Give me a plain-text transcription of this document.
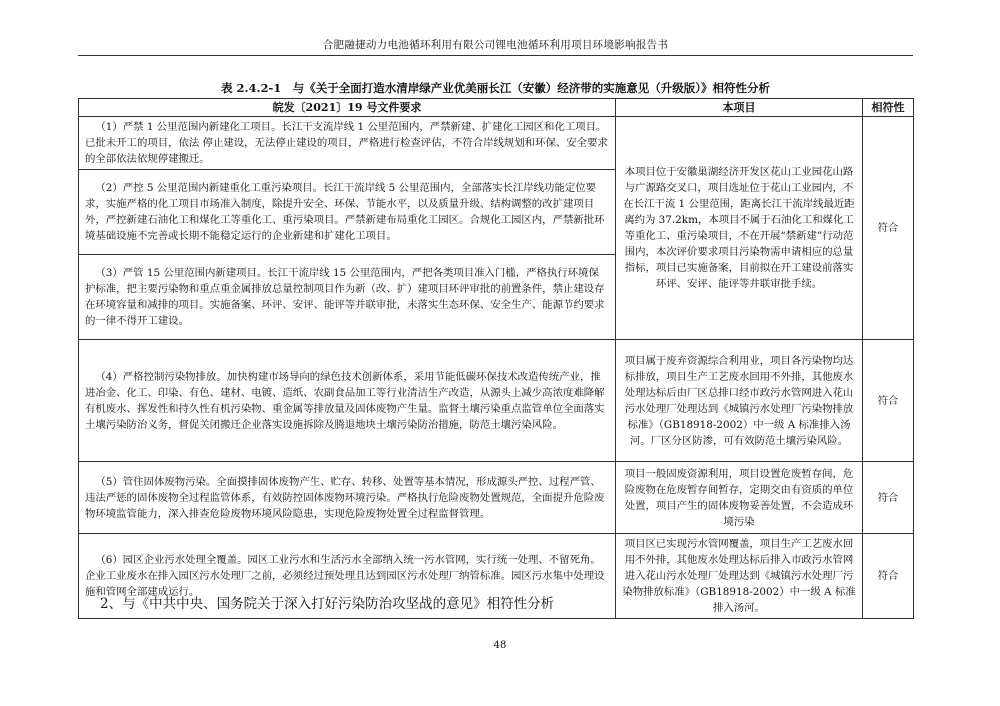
合肥融捷动力电池循环利用有限公司锂电池循环利用项目环境影响报告书
表 2.4.2-1　与《关于全面打造水清岸绿产业优美丽长江（安徽）经济带的实施意见（升级版）》相符性分析
皖发〔2021〕19 号文件要求	本项目	相符性
（1）严禁 1 公里范围内新建化工项目。长江干支流岸线 1 公里范围内，严禁新建、扩建化工园区和化工项目。已批未开工的项目，依法 停止建设，无法停止建设的项目，严格进行检查评估，不符合岸线规划和环保、安全要求的全部依法依规停建搬迁。	本项目位于安徽巢湖经济开发区花山工业园花山路与广源路交叉口，项目选址位于花山工业园内，不在长江干流 1 公里范围，距离长江干流岸线最近距离约为 37.2km，本项目不属于石油化工和煤化工等重化工、重污染项目，不在开展“禁新建”行动范围内，本次评价要求项目污染物需申请相应的总量指标，项目已实施备案，目前拟在开工建设前落实环评、安评、能评等并联审批手续。	符合
（2）严控 5 公里范围内新建重化工重污染项目。长江干流岸线 5 公里范围内，全部落实长江岸线功能定位要求，实施严格的化工项目市场准入制度，除提升安全、环保、节能水平，以及质量升级、结构调整的改扩建项目外，严控新建石油化工和煤化工等重化工、重污染项目。严禁新建布局重化工园区。合规化工园区内，严禁新批环境基础设施不完善或长期不能稳定运行的企业新建和扩建化工项目。		
（3）严管 15 公里范围内新建项目。长江干流岸线 15 公里范围内，严把各类项目准入门槛，严格执行环境保护标准，把主要污染物和重点重金属排放总量控制项目作为新（改、扩）建项目环评审批的前置条件，禁止建设存在环境容量和减排的项目。实施备案、环评、安评、能评等并联审批，未落实生态环保、安全生产、能源节约要求的一律不得开工建设。		
（4）严格控制污染物排放。加快构建市场导向的绿色技术创新体系，采用节能低碳环保技术改造传统产业，推进冶金、化工、印染、有色、建材、电镀、造纸、农副食品加工等行业清洁生产改造，从源头上减少高浓度难降解有机废水、挥发性和持久性有机污染物、重金属等排放量及固体废物产生量。监督土壤污染重点监管单位全面落实土壤污染防治义务，督促关闭搬迁企业落实设施拆除及腾退地块土壤污染防治措施，防范土壤污染风险。	项目属于废弃资源综合利用业，项目各污染物均达标排放，项目生产工艺废水回用不外排，其他废水处理达标后由厂区总排口经市政污水管网进入花山污水处理厂处理达到《城镇污水处理厂污染物排放标准》（GB18918-2002）中一级 A 标准排入汤河。厂区分区防渗，可有效防范土壤污染风险。	符合
（5）管住固体废物污染。全面摸排固体废物产生、贮存、转移、处置等基本情况，形成源头严控、过程严管、违法严惩的固体废物全过程监管体系，有效防控固体废物环境污染。严格执行危险废物处置规范，全面提升危险废物环境监管能力，深入排查危险废物环境风险隐患，实现危险废物处置全过程监督管理。	项目一般固废资源利用，项目设置危废暂存间，危险废物在危废暂存间暂存，定期交由有资质的单位处置，项目产生的固体废物妥善处置，不会造成环境污染	符合
（6）园区企业污水处理全覆盖。园区工业污水和生活污水全部纳入统一污水管网，实行统一处理、不留死角。企业工业废水在排入园区污水处理厂之前，必须经过预处理且达到园区污水处理厂纳管标准。园区污水集中处理设施和管网全部建成运行。	项目区已实现污水管网覆盖，项目生产工艺废水回用不外排，其他废水处理达标后排入市政污水管网进入花山污水处理厂处理达到《城镇污水处理厂污染物排放标准》（GB18918-2002）中一级 A 标准排入汤河。	符合
2、与《中共中央、国务院关于深入打好污染防治攻坚战的意见》相符性分析
48
